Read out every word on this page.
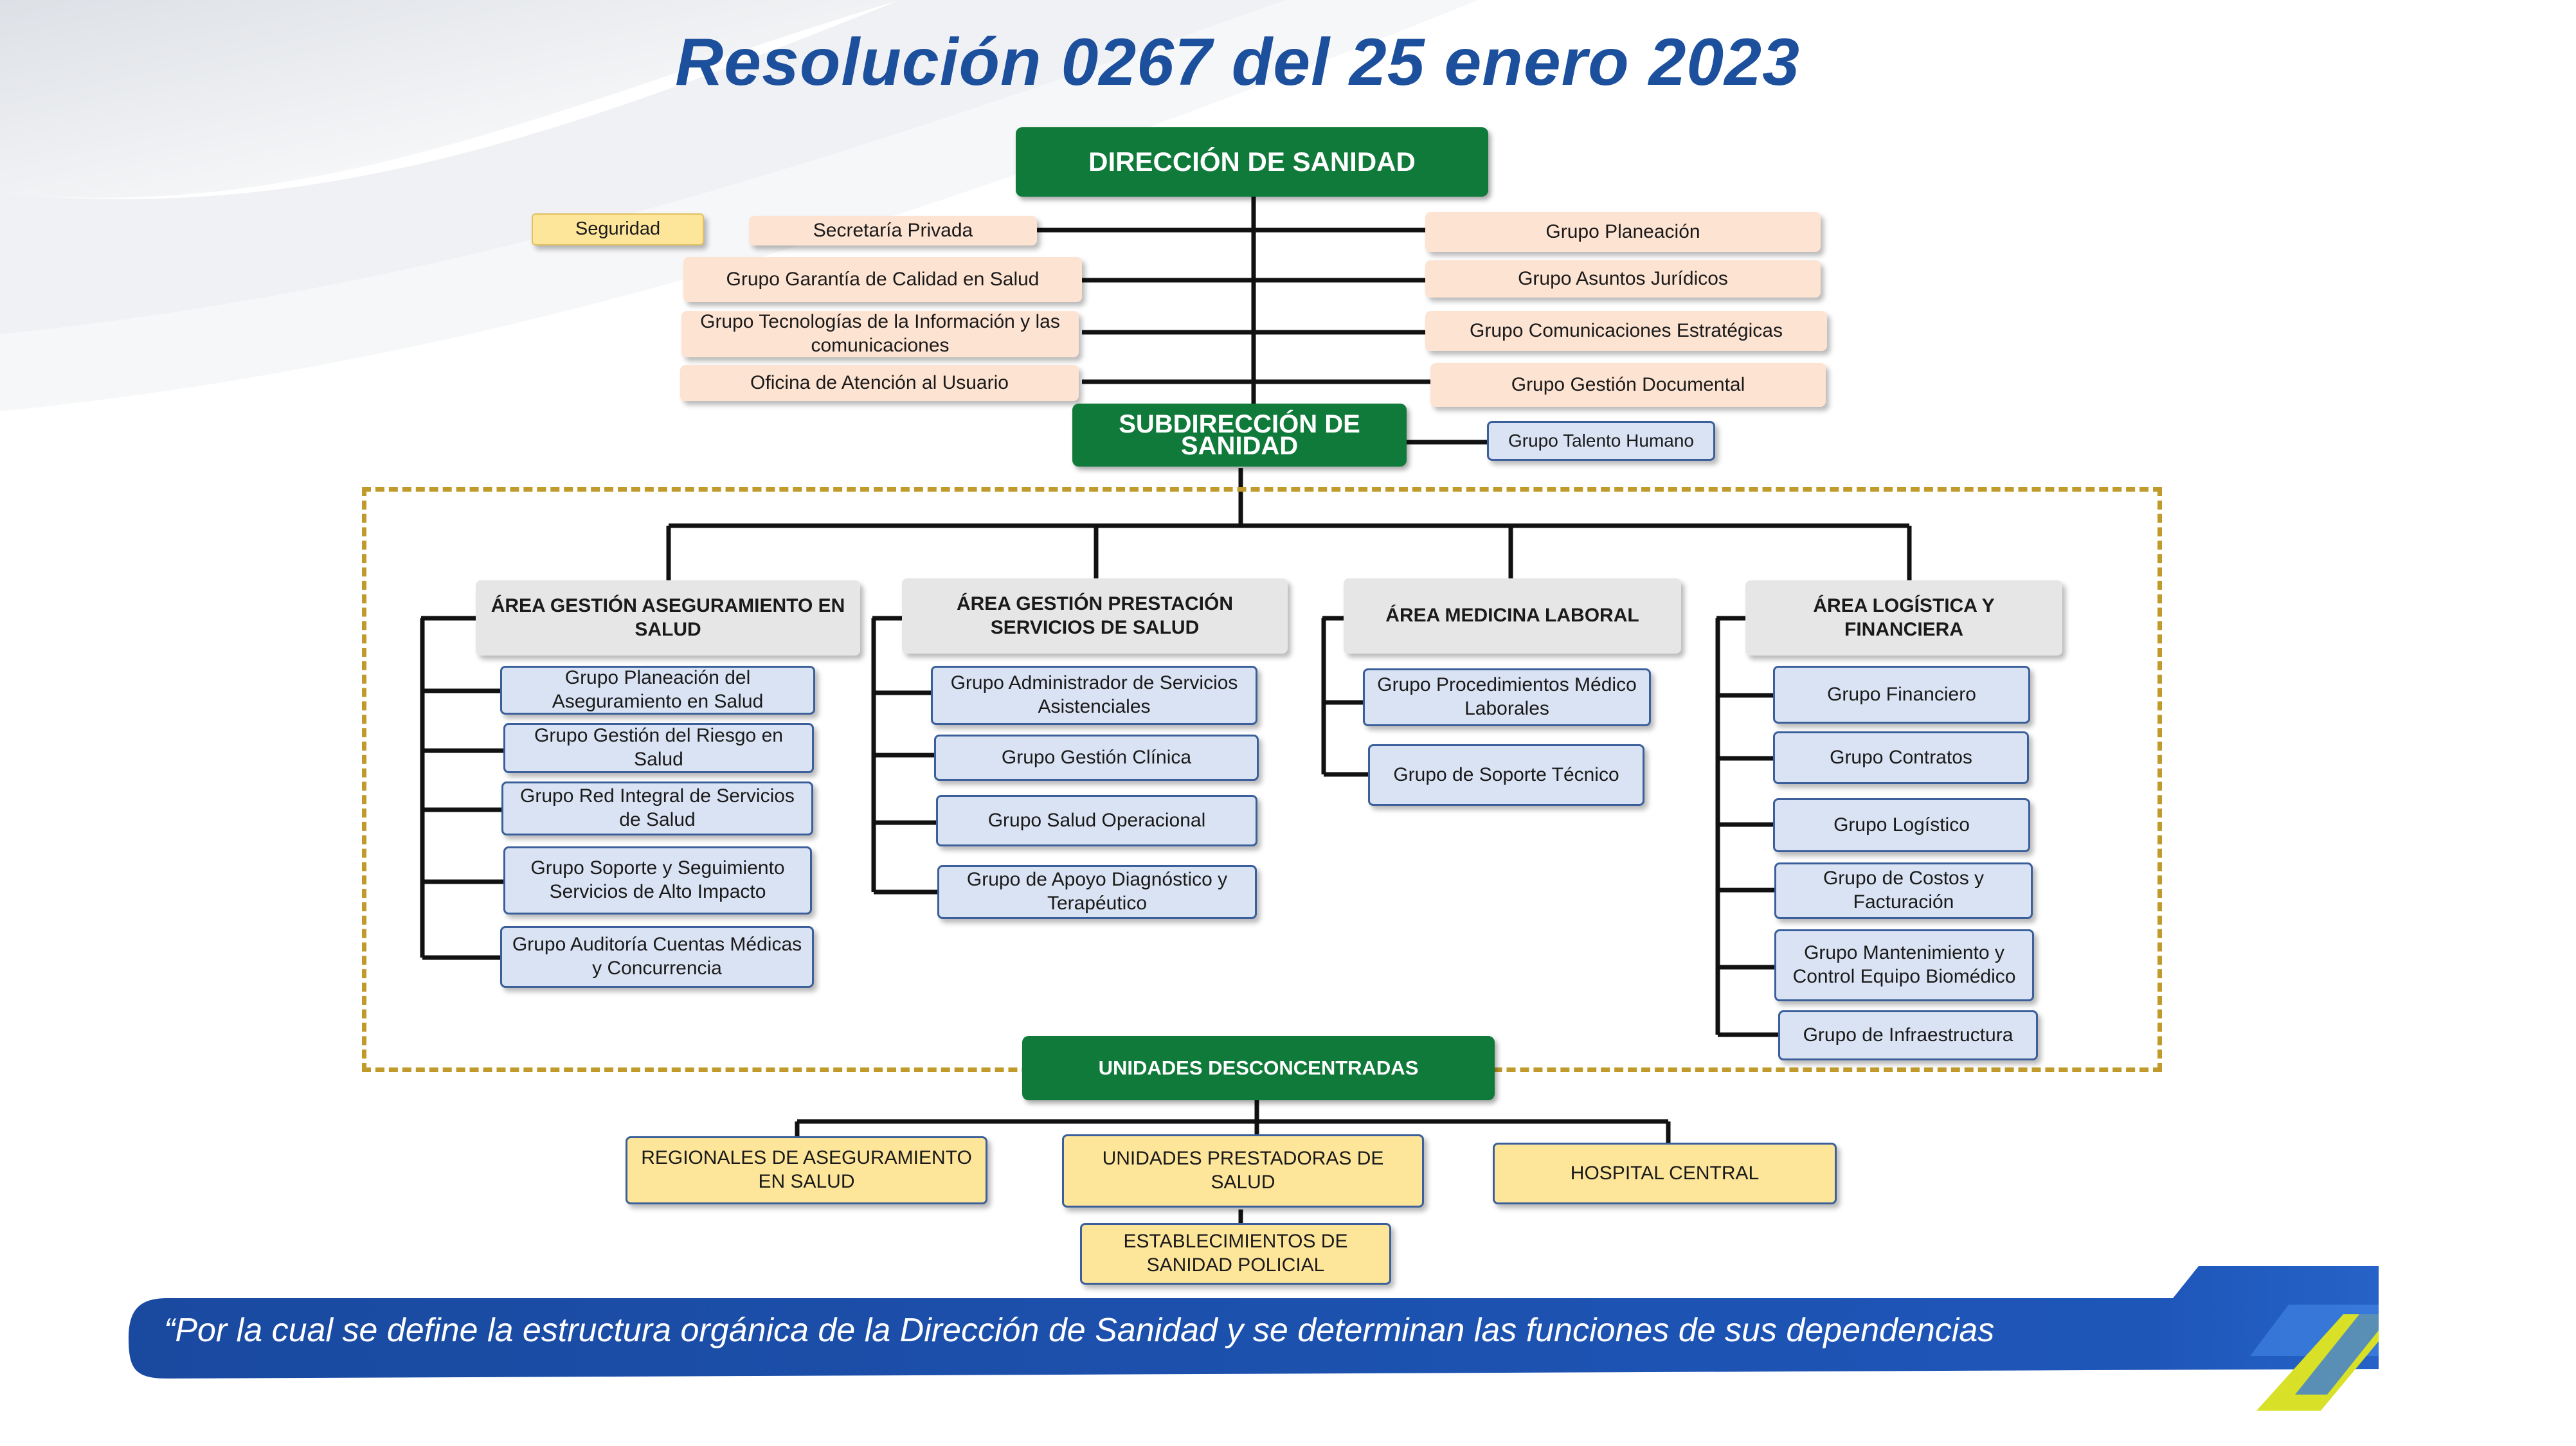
Resolución 0267 del 25 enero 2023
DIRECCIÓN DE SANIDAD
Seguridad	Secretaría Privada
Grupo Garantía de Calidad en Salud
Grupo Tecnologías de la Información y las comunicaciones
Oficina de Atención al Usuario
Grupo Planeación
Grupo Asuntos Jurídicos
Grupo Comunicaciones Estratégicas
Grupo Gestión Documental
SUBDIRECCIÓN DE SANIDAD	Grupo Talento Humano
ÁREA GESTIÓN ASEGURAMIENTO EN SALUD
ÁREA GESTIÓN PRESTACIÓN SERVICIOS DE SALUD
ÁREA MEDICINA LABORAL	ÁREA LOGÍSTICA Y FINANCIERA
Grupo Planeación del Aseguramiento en Salud
Grupo Gestión del Riesgo en Salud
Grupo Red Integral de Servicios de Salud
Grupo Soporte y Seguimiento Servicios de Alto Impacto
Grupo Auditoría Cuentas Médicas y Concurrencia
Grupo Administrador de Servicios Asistenciales
Grupo Gestión Clínica
Grupo Salud Operacional
Grupo de Apoyo Diagnóstico y Terapéutico
Grupo Procedimientos Médico Laborales
Grupo de Soporte Técnico
Grupo Financiero
Grupo Contratos
Grupo Logístico
Grupo de Costos y Facturación
Grupo Mantenimiento y Control Equipo Biomédico
Grupo de Infraestructura
UNIDADES DESCONCENTRADAS
REGIONALES DE ASEGURAMIENTO EN SALUD
UNIDADES PRESTADORAS DE SALUD	HOSPITAL CENTRAL
ESTABLECIMIENTOS DE SANIDAD POLICIAL
“Por la cual se define la estructura orgánica de la Dirección de Sanidad y se determinan las funciones de sus dependencias
